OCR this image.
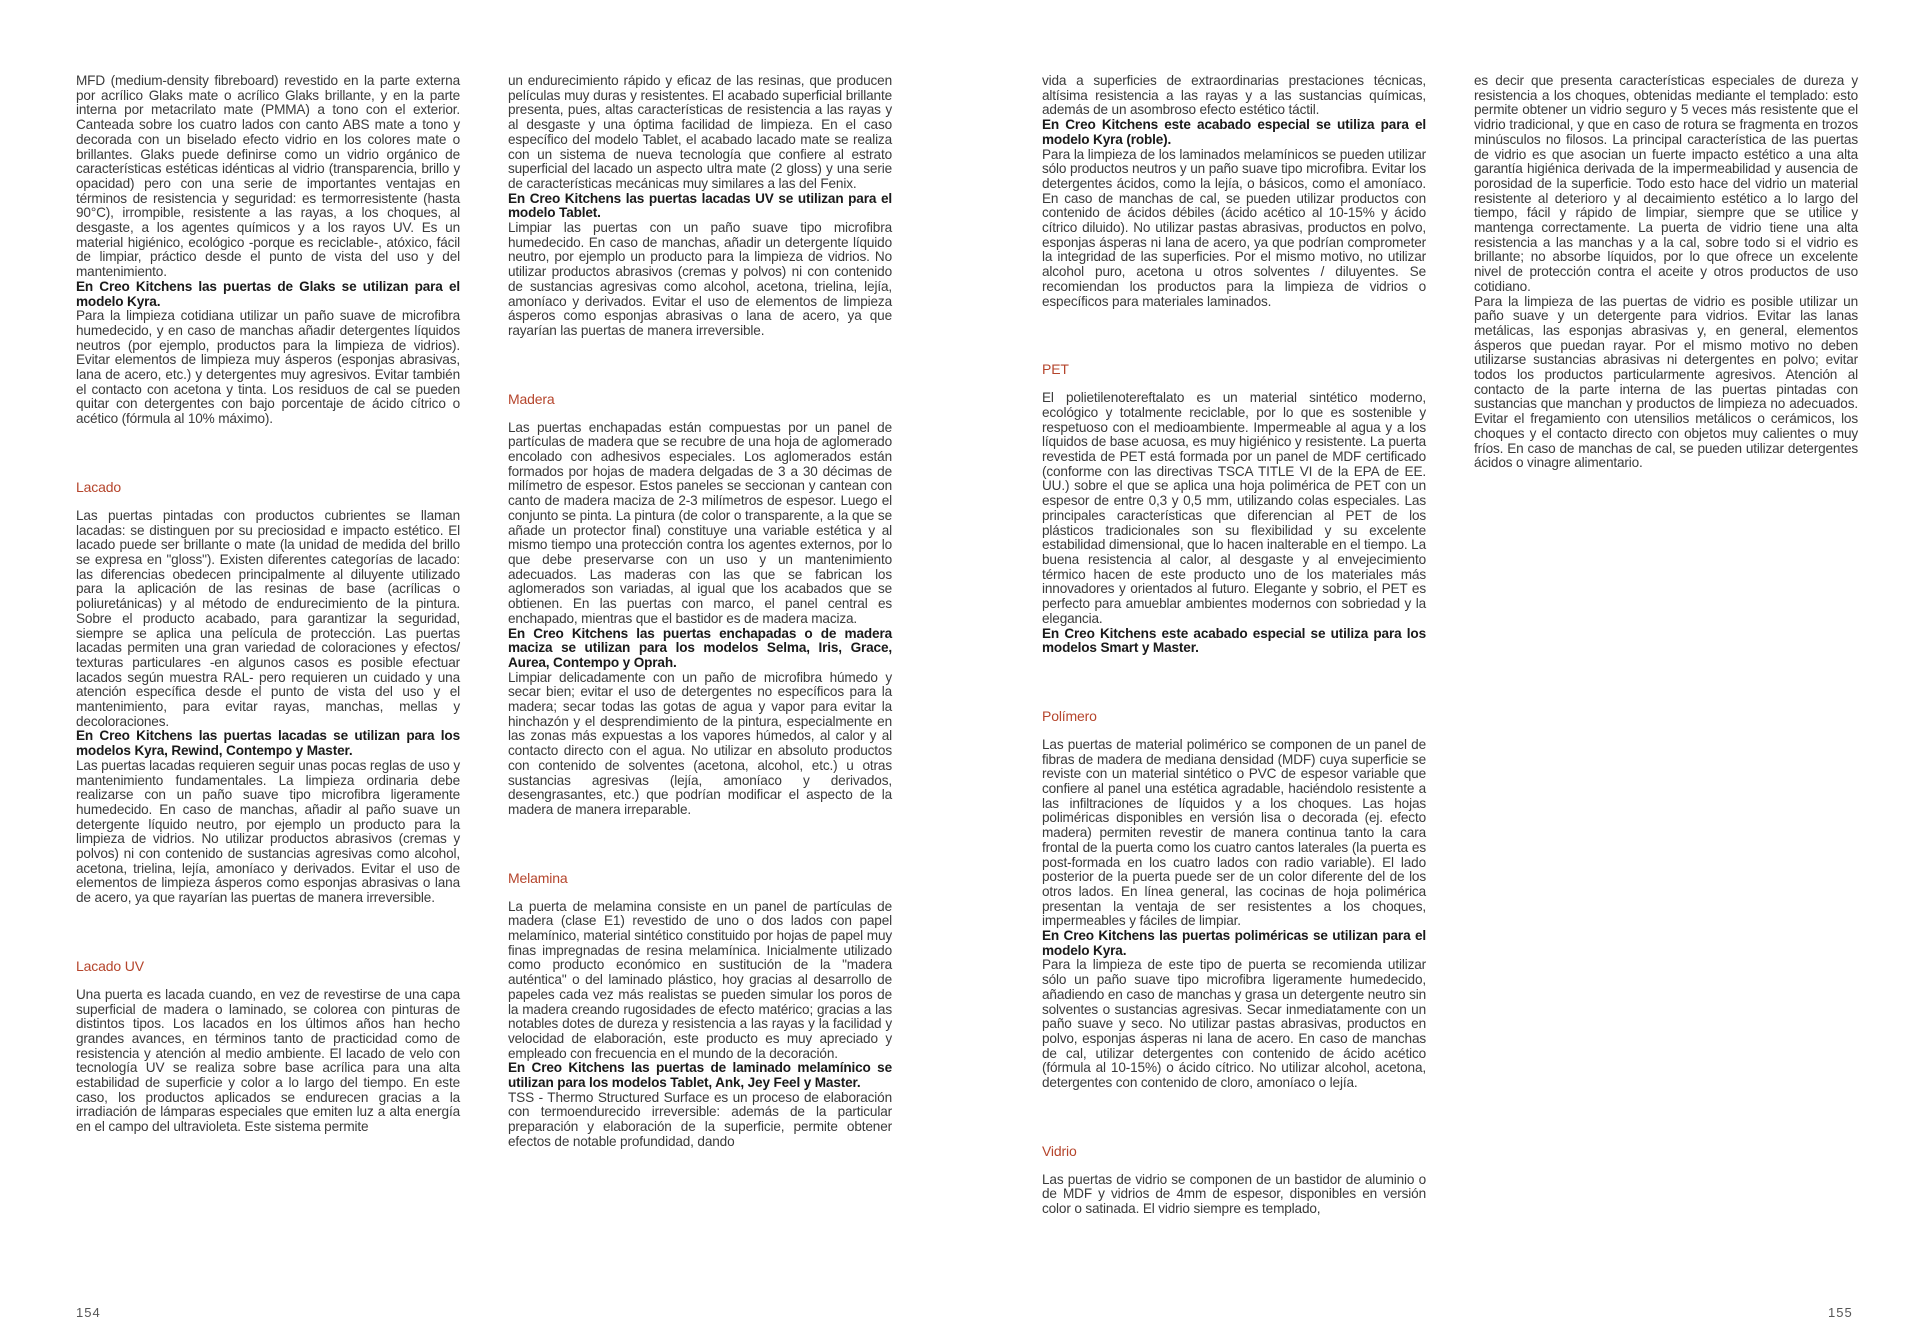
MFD (medium-density fibreboard) revestido en la parte externa por acrílico Glaks mate o acrílico Glaks brillante, y en la parte interna por metacrilato mate (PMMA) a tono con el exterior. Canteada sobre los cuatro lados con canto ABS mate a tono y decorada con un biselado efecto vidrio en los colores mate o brillantes. Glaks puede definirse como un vidrio orgánico de características estéticas idénticas al vidrio (transparencia, brillo y opacidad) pero con una serie de importantes ventajas en términos de resistencia y seguridad: es termorresistente (hasta 90°C), irrompible, resistente a las rayas, a los choques, al desgaste, a los agentes químicos y a los rayos UV. Es un material higiénico, ecológico -porque es reciclable-, atóxico, fácil de limpiar, práctico desde el punto de vista del uso y del mantenimiento.

En Creo Kitchens las puertas de Glaks se utilizan para el modelo Kyra.

Para la limpieza cotidiana utilizar un paño suave de microfibra humedecido, y en caso de manchas añadir detergentes líquidos neutros (por ejemplo, productos para la limpieza de vidrios). Evitar elementos de limpieza muy ásperos (esponjas abrasivas, lana de acero, etc.) y detergentes muy agresivos. Evitar también el contacto con acetona y tinta. Los residuos de cal se pueden quitar con detergentes con bajo porcentaje de ácido cítrico o acético (fórmula al 10% máximo).

Lacado

Las puertas pintadas con productos cubrientes se llaman lacadas: se distinguen por su preciosidad e impacto estético. El lacado puede ser brillante o mate (la unidad de medida del brillo se expresa en "gloss"). Existen diferentes categorías de lacado: las diferencias obedecen principalmente al diluyente utilizado para la aplicación de las resinas de base (acrílicas o poliuretánicas) y al método de endurecimiento de la pintura. Sobre el producto acabado, para garantizar la seguridad, siempre se aplica una película de protección. Las puertas lacadas permiten una gran variedad de coloraciones y efectos/ texturas particulares -en algunos casos es posible efectuar lacados según muestra RAL- pero requieren un cuidado y una atención específica desde el punto de vista del uso y el mantenimiento, para evitar rayas, manchas, mellas y decoloraciones.

En Creo Kitchens las puertas lacadas se utilizan para los modelos Kyra, Rewind, Contempo y Master.

Las puertas lacadas requieren seguir unas pocas reglas de uso y mantenimiento fundamentales. La limpieza ordinaria debe realizarse con un paño suave tipo microfibra ligeramente humedecido. En caso de manchas, añadir al paño suave un detergente líquido neutro, por ejemplo un producto para la limpieza de vidrios. No utilizar productos abrasivos (cremas y polvos) ni con contenido de sustancias agresivas como alcohol, acetona, trielina, lejía, amoníaco y derivados. Evitar el uso de elementos de limpieza ásperos como esponjas abrasivas o lana de acero, ya que rayarían las puertas de manera irreversible.

Lacado UV

Una puerta es lacada cuando, en vez de revestirse de una capa superficial de madera o laminado, se colorea con pinturas de distintos tipos. Los lacados en los últimos años han hecho grandes avances, en términos tanto de practicidad como de resistencia y atención al medio ambiente. El lacado de velo con tecnología UV se realiza sobre base acrílica para una alta estabilidad de superficie y color a lo largo del tiempo. En este caso, los productos aplicados se endurecen gracias a la irradiación de lámparas especiales que emiten luz a alta energía en el campo del ultravioleta. Este sistema permite

un endurecimiento rápido y eficaz de las resinas, que producen películas muy duras y resistentes. El acabado superficial brillante presenta, pues, altas características de resistencia a las rayas y al desgaste y una óptima facilidad de limpieza. En el caso específico del modelo Tablet, el acabado lacado mate se realiza con un sistema de nueva tecnología que confiere al estrato superficial del lacado un aspecto ultra mate (2 gloss) y una serie de características mecánicas muy similares a las del Fenix.

En Creo Kitchens las puertas lacadas UV se utilizan para el modelo Tablet.

Limpiar las puertas con un paño suave tipo microfibra humedecido. En caso de manchas, añadir un detergente líquido neutro, por ejemplo un producto para la limpieza de vidrios. No utilizar productos abrasivos (cremas y polvos) ni con contenido de sustancias agresivas como alcohol, acetona, trielina, lejía, amoníaco y derivados. Evitar el uso de elementos de limpieza ásperos como esponjas abrasivas o lana de acero, ya que rayarían las puertas de manera irreversible.

Madera

Las puertas enchapadas están compuestas por un panel de partículas de madera que se recubre de una hoja de aglomerado encolado con adhesivos especiales. Los aglomerados están formados por hojas de madera delgadas de 3 a 30 décimas de milímetro de espesor. Estos paneles se seccionan y cantean con canto de madera maciza de 2-3 milímetros de espesor. Luego el conjunto se pinta. La pintura (de color o transparente, a la que se añade un protector final) constituye una variable estética y al mismo tiempo una protección contra los agentes externos, por lo que debe preservarse con un uso y un mantenimiento adecuados. Las maderas con las que se fabrican los aglomerados son variadas, al igual que los acabados que se obtienen. En las puertas con marco, el panel central es enchapado, mientras que el bastidor es de madera maciza.

En Creo Kitchens las puertas enchapadas o de madera maciza se utilizan para los modelos Selma, Iris, Grace, Aurea, Contempo y Oprah.

Limpiar delicadamente con un paño de microfibra húmedo y secar bien; evitar el uso de detergentes no específicos para la madera; secar todas las gotas de agua y vapor para evitar la hinchazón y el desprendimiento de la pintura, especialmente en las zonas más expuestas a los vapores húmedos, al calor y al contacto directo con el agua. No utilizar en absoluto productos con contenido de solventes (acetona, alcohol, etc.) u otras sustancias agresivas (lejía, amoníaco y derivados, desengrasantes, etc.) que podrían modificar el aspecto de la madera de manera irreparable.

Melamina

La puerta de melamina consiste en un panel de partículas de madera (clase E1) revestido de uno o dos lados con papel melamínico, material sintético constituido por hojas de papel muy finas impregnadas de resina melamínica. Inicialmente utilizado como producto económico en sustitución de la "madera auténtica" o del laminado plástico, hoy gracias al desarrollo de papeles cada vez más realistas se pueden simular los poros de la madera creando rugosidades de efecto matérico; gracias a las notables dotes de dureza y resistencia a las rayas y la facilidad y velocidad de elaboración, este producto es muy apreciado y empleado con frecuencia en el mundo de la decoración.

En Creo Kitchens las puertas de laminado melamínico se utilizan para los modelos Tablet, Ank, Jey Feel y Master.

TSS - Thermo Structured Surface es un proceso de elaboración con termoendurecido irreversible: además de la particular preparación y elaboración de la superficie, permite obtener efectos de notable profundidad, dando

154

vida a superficies de extraordinarias prestaciones técnicas, altísima resistencia a las rayas y a las sustancias químicas, además de un asombroso efecto estético táctil.

En Creo Kitchens este acabado especial se utiliza para el modelo Kyra (roble).

Para la limpieza de los laminados melamínicos se pueden utilizar sólo productos neutros y un paño suave tipo microfibra. Evitar los detergentes ácidos, como la lejía, o básicos, como el amoníaco. En caso de manchas de cal, se pueden utilizar productos con contenido de ácidos débiles (ácido acético al 10-15% y ácido cítrico diluido). No utilizar pastas abrasivas, productos en polvo, esponjas ásperas ni lana de acero, ya que podrían comprometer la integridad de las superficies. Por el mismo motivo, no utilizar alcohol puro, acetona u otros solventes / diluyentes. Se recomiendan los productos para la limpieza de vidrios o específicos para materiales laminados.

PET

El polietilenotereftalato es un material sintético moderno, ecológico y totalmente reciclable, por lo que es sostenible y respetuoso con el medioambiente. Impermeable al agua y a los líquidos de base acuosa, es muy higiénico y resistente. La puerta revestida de PET está formada por un panel de MDF certificado (conforme con las directivas TSCA TITLE VI de la EPA de EE. UU.) sobre el que se aplica una hoja polimérica de PET con un espesor de entre 0,3 y 0,5 mm, utilizando colas especiales. Las principales características que diferencian al PET de los plásticos tradicionales son su flexibilidad y su excelente estabilidad dimensional, que lo hacen inalterable en el tiempo. La buena resistencia al calor, al desgaste y al envejecimiento térmico hacen de este producto uno de los materiales más innovadores y orientados al futuro. Elegante y sobrio, el PET es perfecto para amueblar ambientes modernos con sobriedad y la elegancia.

En Creo Kitchens este acabado especial se utiliza para los modelos Smart y Master.

Polímero

Las puertas de material polimérico se componen de un panel de fibras de madera de mediana densidad (MDF) cuya superficie se reviste con un material sintético o PVC de espesor variable que confiere al panel una estética agradable, haciéndolo resistente a las infiltraciones de líquidos y a los choques. Las hojas poliméricas disponibles en versión lisa o decorada (ej. efecto madera) permiten revestir de manera continua tanto la cara frontal de la puerta como los cuatro cantos laterales (la puerta es post-formada en los cuatro lados con radio variable). El lado posterior de la puerta puede ser de un color diferente del de los otros lados. En línea general, las cocinas de hoja polimérica presentan la ventaja de ser resistentes a los choques, impermeables y fáciles de limpiar.

En Creo Kitchens las puertas poliméricas se utilizan para el modelo Kyra.

Para la limpieza de este tipo de puerta se recomienda utilizar sólo un paño suave tipo microfibra ligeramente humedecido, añadiendo en caso de manchas y grasa un detergente neutro sin solventes o sustancias agresivas. Secar inmediatamente con un paño suave y seco. No utilizar pastas abrasivas, productos en polvo, esponjas ásperas ni lana de acero. En caso de manchas de cal, utilizar detergentes con contenido de ácido acético (fórmula al 10-15%) o ácido cítrico. No utilizar alcohol, acetona, detergentes con contenido de cloro, amoníaco o lejía.

Vidrio

Las puertas de vidrio se componen de un bastidor de aluminio o de MDF y vidrios de 4mm de espesor, disponibles en versión color o satinada. El vidrio siempre es templado,

es decir que presenta características especiales de dureza y resistencia a los choques, obtenidas mediante el templado: esto permite obtener un vidrio seguro y 5 veces más resistente que el vidrio tradicional, y que en caso de rotura se fragmenta en trozos minúsculos no filosos. La principal característica de las puertas de vidrio es que asocian un fuerte impacto estético a una alta garantía higiénica derivada de la impermeabilidad y ausencia de porosidad de la superficie. Todo esto hace del vidrio un material resistente al deterioro y al decaimiento estético a lo largo del tiempo, fácil y rápido de limpiar, siempre que se utilice y mantenga correctamente. La puerta de vidrio tiene una alta resistencia a las manchas y a la cal, sobre todo si el vidrio es brillante; no absorbe líquidos, por lo que ofrece un excelente nivel de protección contra el aceite y otros productos de uso cotidiano.

Para la limpieza de las puertas de vidrio es posible utilizar un paño suave y un detergente para vidrios. Evitar las lanas metálicas, las esponjas abrasivas y, en general, elementos ásperos que puedan rayar. Por el mismo motivo no deben utilizarse sustancias abrasivas ni detergentes en polvo; evitar todos los productos particularmente agresivos. Atención al contacto de la parte interna de las puertas pintadas con sustancias que manchan y productos de limpieza no adecuados. Evitar el fregamiento con utensilios metálicos o cerámicos, los choques y el contacto directo con objetos muy calientes o muy fríos. En caso de manchas de cal, se pueden utilizar detergentes ácidos o vinagre alimentario.

155
